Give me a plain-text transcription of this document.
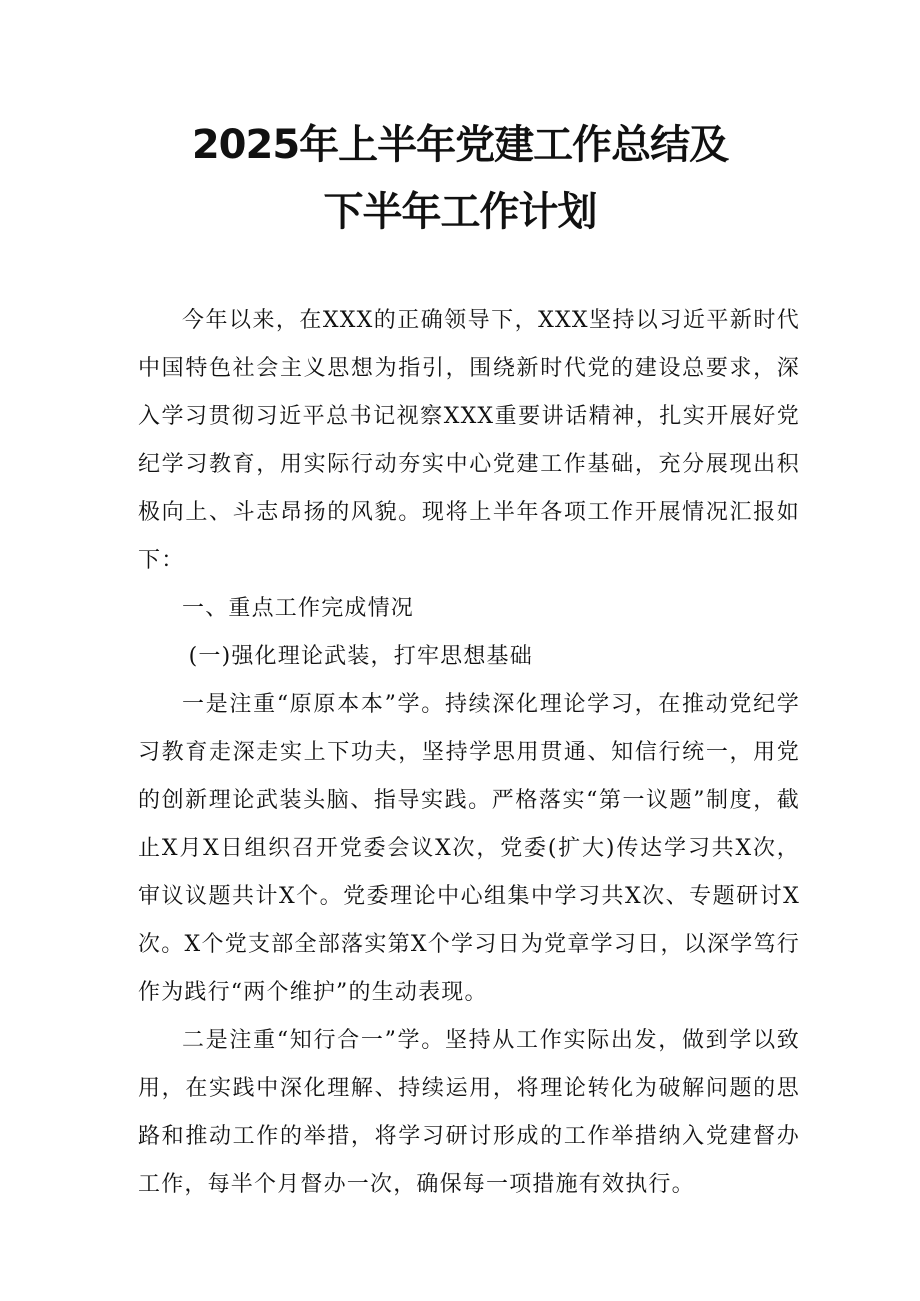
2025年上半年党建工作总结及
下半年工作计划

今年以来，在XXX的正确领导下，XXX坚持以习近平新时代中国特色社会主义思想为指引，围绕新时代党的建设总要求，深入学习贯彻习近平总书记视察XXX重要讲话精神，扎实开展好党纪学习教育，用实际行动夯实中心党建工作基础，充分展现出积极向上、斗志昂扬的风貌。现将上半年各项工作开展情况汇报如下：

一、重点工作完成情况

(一)强化理论武装，打牢思想基础

一是注重“原原本本”学。持续深化理论学习，在推动党纪学习教育走深走实上下功夫，坚持学思用贯通、知信行统一，用党的创新理论武装头脑、指导实践。严格落实“第一议题”制度，截止X月X日组织召开党委会议X次，党委(扩大)传达学习共X次，审议议题共计X个。党委理论中心组集中学习共X次、专题研讨X次。X个党支部全部落实第X个学习日为党章学习日，以深学笃行作为践行“两个维护”的生动表现。

二是注重“知行合一”学。坚持从工作实际出发，做到学以致用，在实践中深化理解、持续运用，将理论转化为破解问题的思路和推动工作的举措，将学习研讨形成的工作举措纳入党建督办工作，每半个月督办一次，确保每一项措施有效执行。
